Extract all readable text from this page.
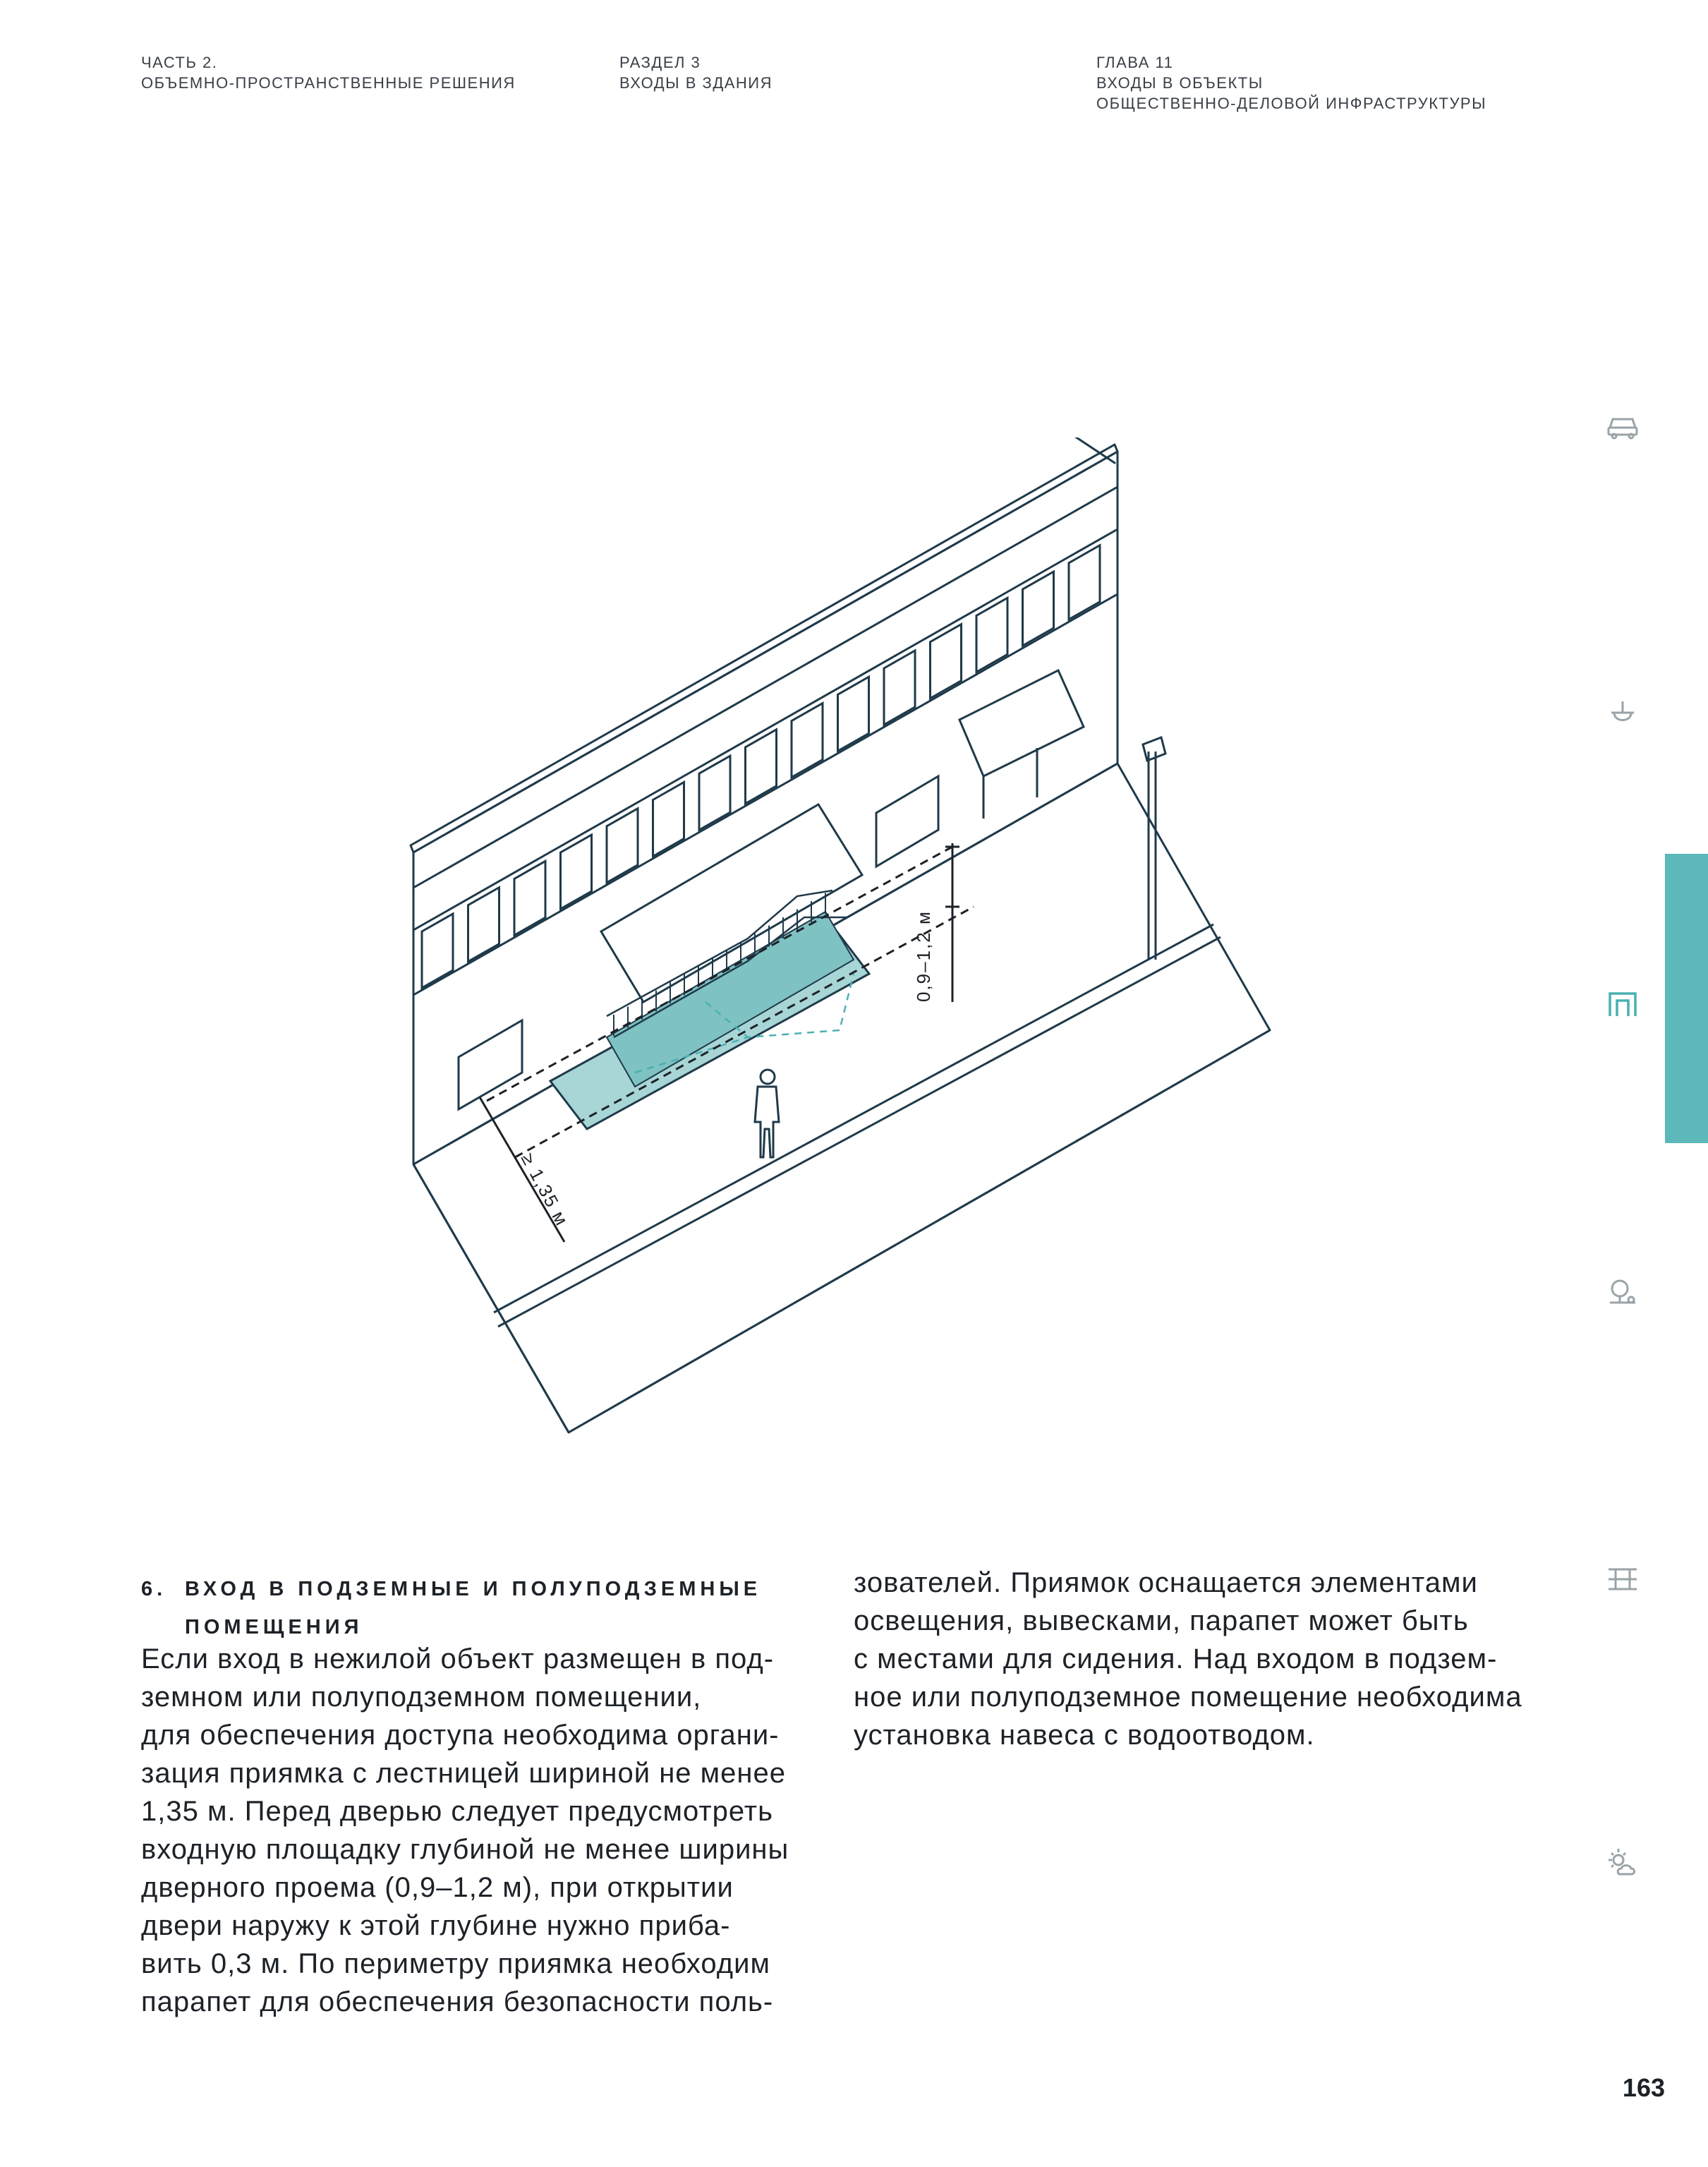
ЧАСТЬ 2.
ОБЪЕМНО-ПРОСТРАНСТВЕННЫЕ РЕШЕНИЯ
РАЗДЕЛ 3
ВХОДЫ В ЗДАНИЯ
ГЛАВА 11
ВХОДЫ В ОБЪЕКТЫ
ОБЩЕСТВЕННО-ДЕЛОВОЙ ИНФРАСТРУКТУРЫ
0,9–1,2 м
≥ 1,35 м
6. ВХОД В ПОДЗЕМНЫЕ И ПОЛУПОДЗЕМНЫЕ
ПОМЕЩЕНИЯ
Если вход в нежилой объект размещен в под-
земном или полуподземном помещении,
для обеспечения доступа необходима органи-
зация приямка с лестницей шириной не менее
1,35 м. Перед дверью следует предусмотреть
входную площадку глубиной не менее ширины
дверного проема (0,9–1,2 м), при открытии
двери наружу к этой глубине нужно приба-
вить 0,3 м. По периметру приямка необходим
парапет для обеспечения безопасности поль-
зователей. Приямок оснащается элементами
освещения, вывесками, парапет может быть
с местами для сидения. Над входом в подзем-
ное или полуподземное помещение необходима
установка навеса с водоотводом.
163
